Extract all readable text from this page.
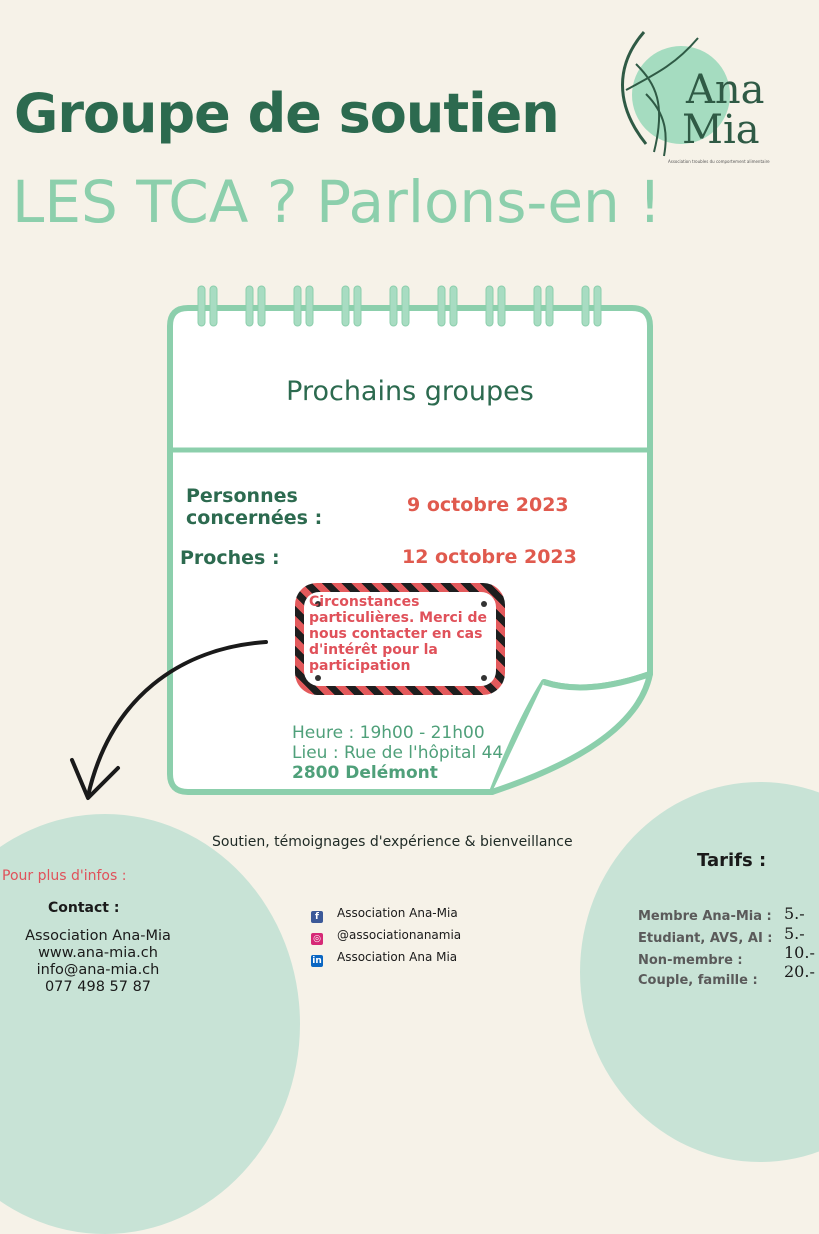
Groupe de soutien
LES TCA ? Parlons-en !
Ana
Mia
Association troubles du comportement alimentaire
Prochains groupes
Personnes
concernées :
9 octobre 2023
Proches :	12 octobre 2023
Circonstances particulières. Merci de nous contacter en cas d'intérêt pour la participation
Heure : 19h00 - 21h00
Lieu : Rue de l'hôpital 44
2800 Delémont
Soutien, témoignages d'expérience & bienveillance
Pour plus d'infos :
Contact :
Association Ana-Mia
www.ana-mia.ch
info@ana-mia.ch
077 498 57 87
f Association Ana-Mia
◎ @associationanamia
in Association Ana Mia
Tarifs :
Membre Ana-Mia : 5.-
Etudiant, AVS, AI : 5.-
Non-membre :	10.-
Couple, famille : 20.-
